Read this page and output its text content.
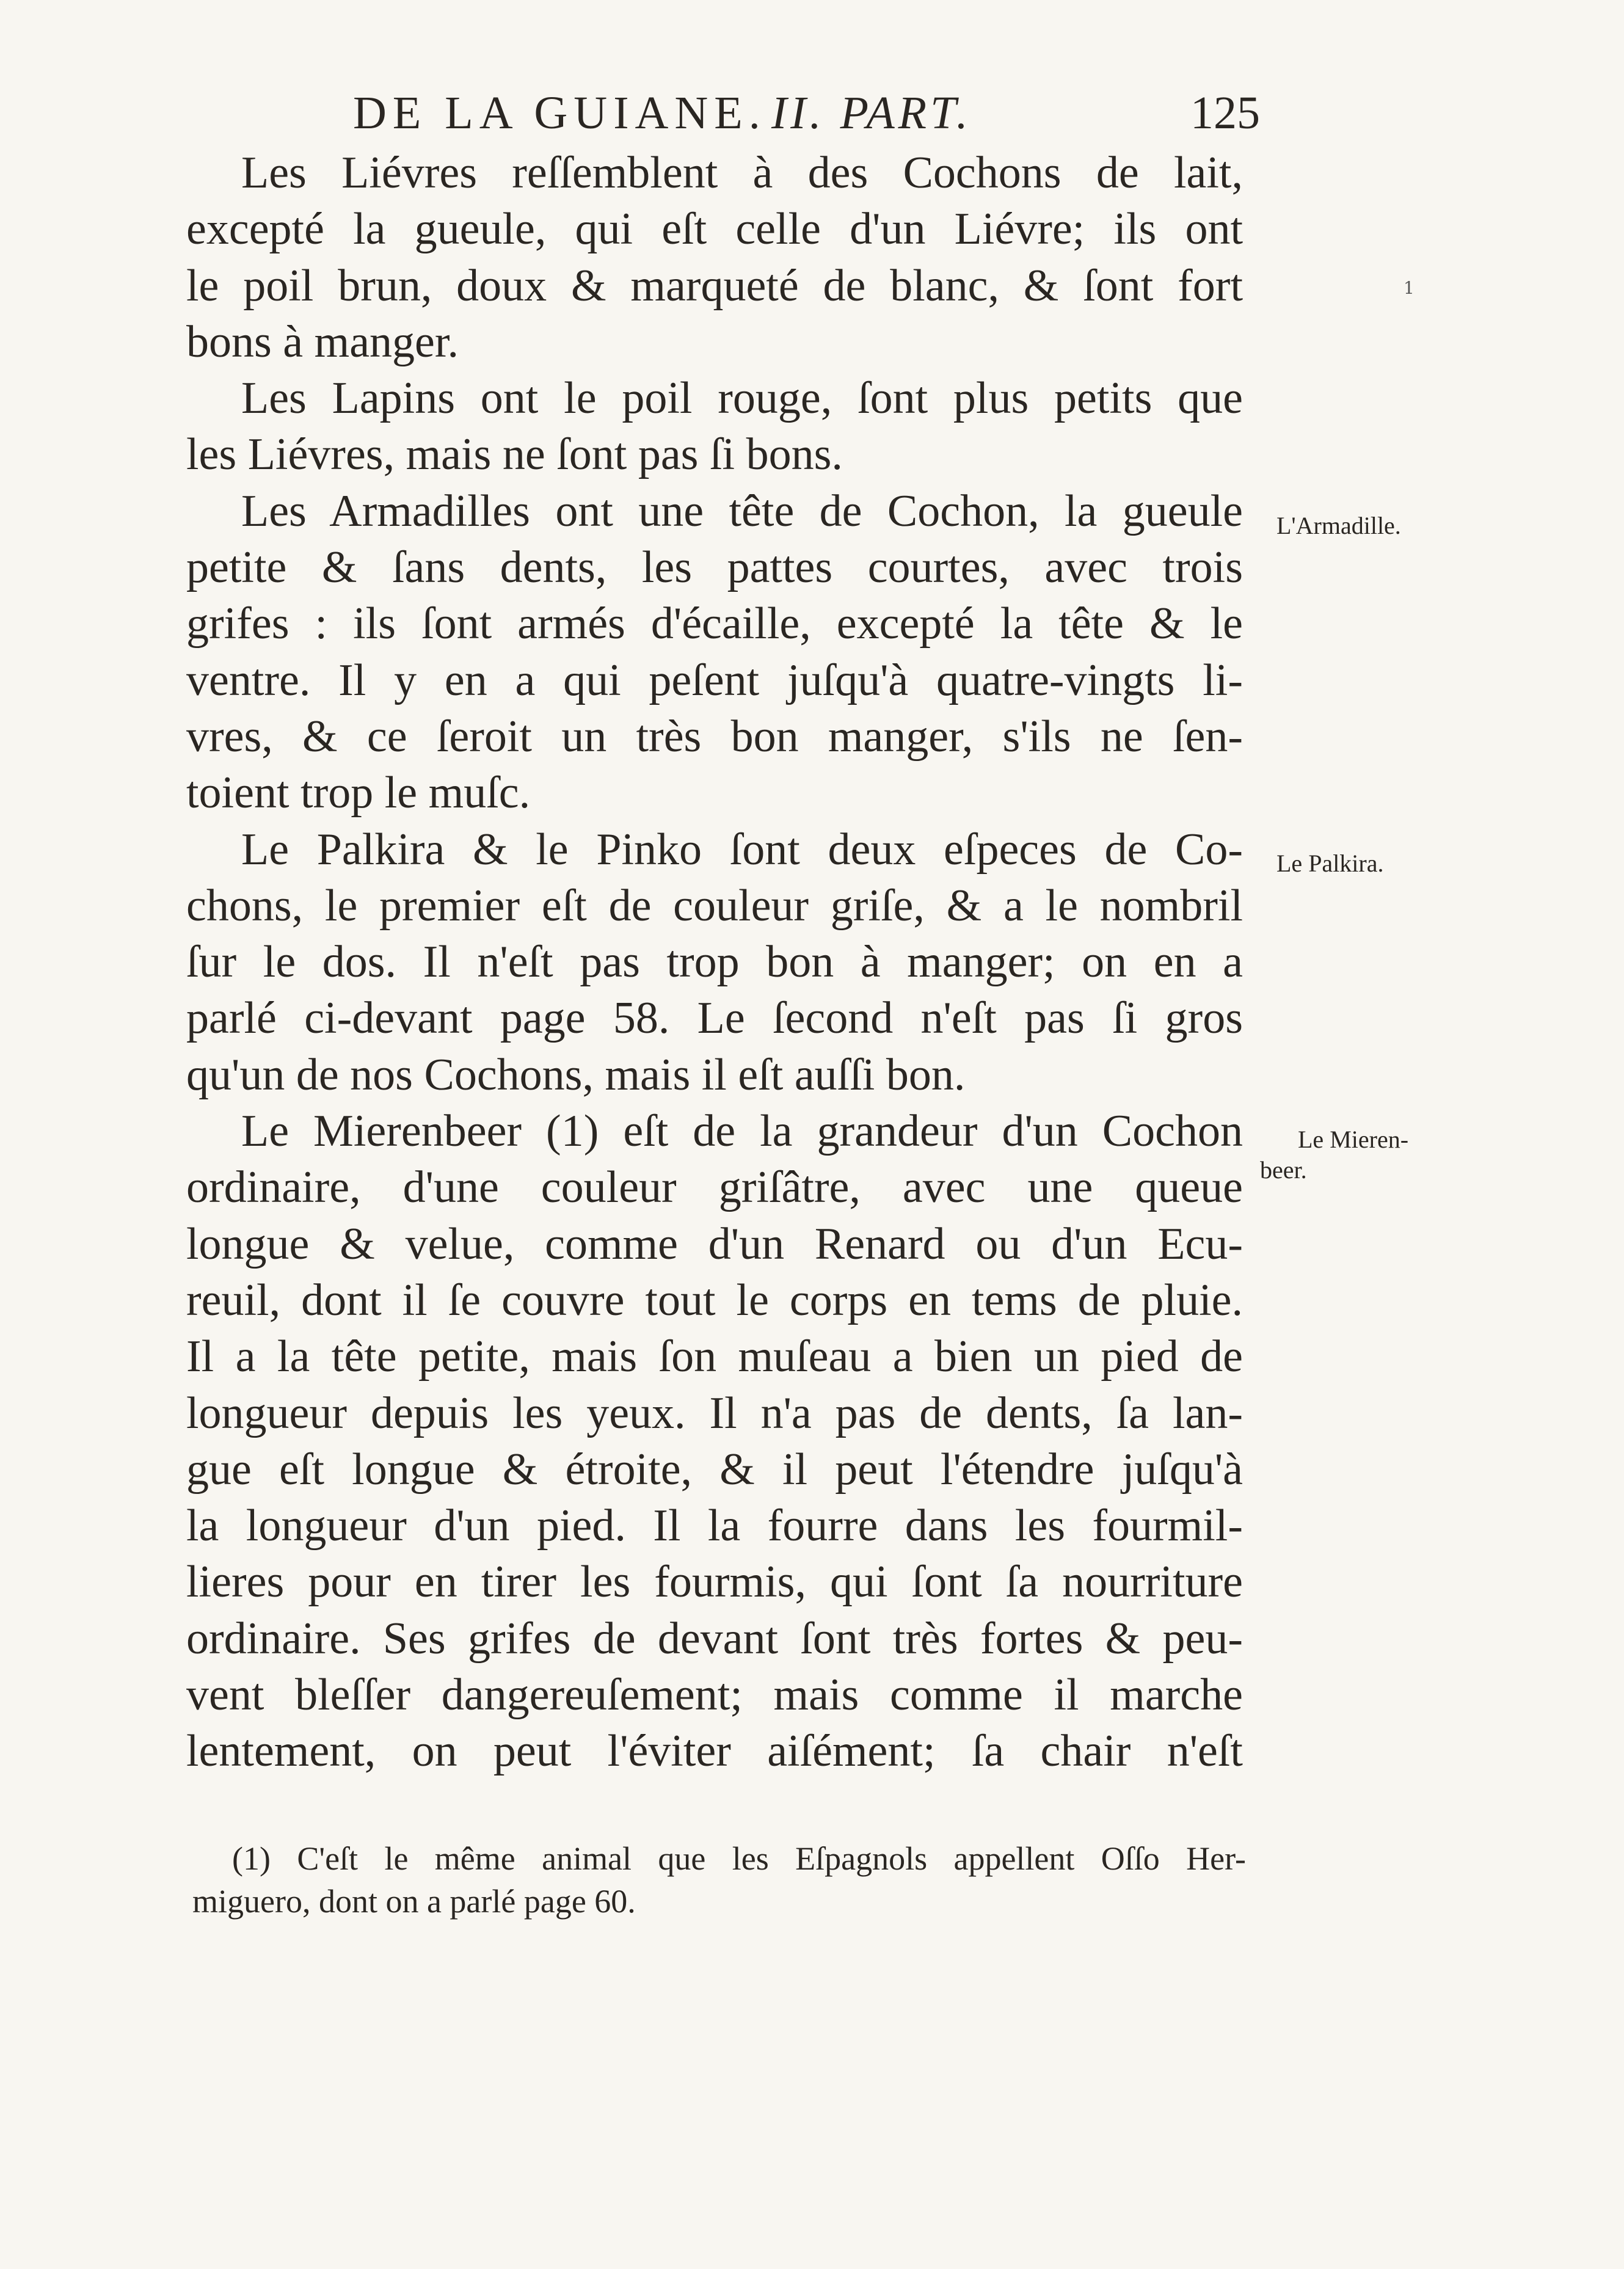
DE LA GUIANE. II. PART.	125
Les Liévres reſſemblent à des Cochons de lait,
excepté la gueule, qui eſt celle d'un Liévre; ils ont
le poil brun, doux & marqueté de blanc, & ſont fort
bons à manger.
Les Lapins ont le poil rouge, ſont plus petits que
les Liévres, mais ne ſont pas ſi bons.
Les Armadilles ont une tête de Cochon, la gueule
petite & ſans dents, les pattes courtes, avec trois
grifes : ils ſont armés d'écaille, excepté la tête & le
ventre. Il y en a qui peſent juſqu'à quatre-vingts li-
vres, & ce ſeroit un très bon manger, s'ils ne ſen-
toient trop le muſc.
Le Palkira & le Pinko ſont deux eſpeces de Co-
chons, le premier eſt de couleur griſe, & a le nombril
ſur le dos. Il n'eſt pas trop bon à manger; on en a
parlé ci-devant page 58. Le ſecond n'eſt pas ſi gros
qu'un de nos Cochons, mais il eſt auſſi bon.
Le Mierenbeer (1) eſt de la grandeur d'un Cochon
ordinaire, d'une couleur griſâtre, avec une queue
longue & velue, comme d'un Renard ou d'un Ecu-
reuil, dont il ſe couvre tout le corps en tems de pluie.
Il a la tête petite, mais ſon muſeau a bien un pied de
longueur depuis les yeux. Il n'a pas de dents, ſa lan-
gue eſt longue & étroite, & il peut l'étendre juſqu'à
la longueur d'un pied. Il la fourre dans les fourmil-
lieres pour en tirer les fourmis, qui ſont ſa nourriture
ordinaire. Ses grifes de devant ſont très fortes & peu-
vent bleſſer dangereuſement; mais comme il marche
lentement, on peut l'éviter aiſément; ſa chair n'eſt
1
L'Armadille.
Le Palkira.
Le Mieren-
beer.
(1) C'eſt le même animal que les Eſpagnols appellent Oſſo Her-
miguero, dont on a parlé page 60.
